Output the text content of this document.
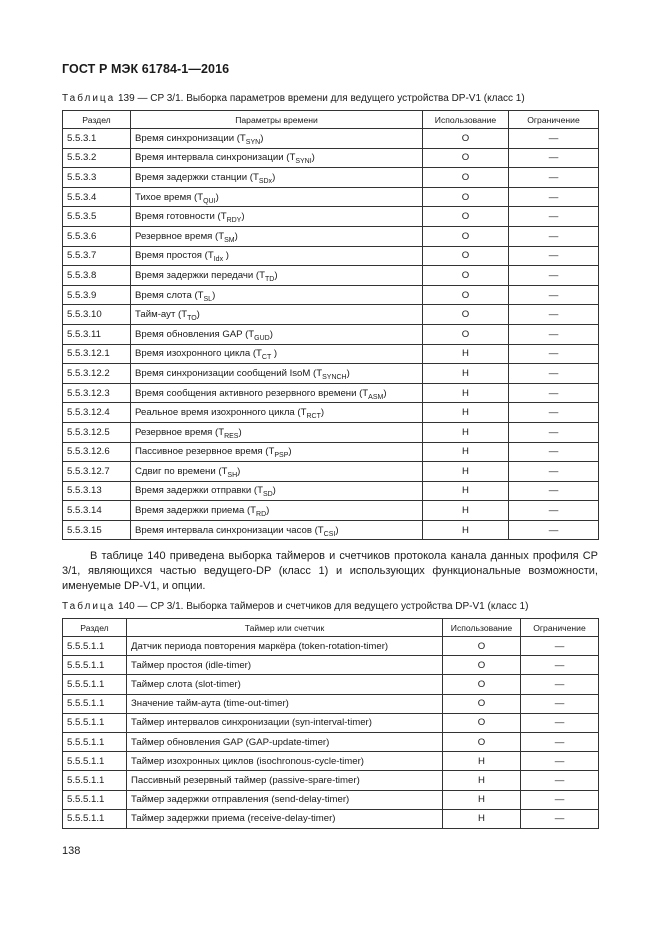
ГОСТ Р МЭК 61784-1—2016
Таблица 139 — CP 3/1. Выборка параметров времени для ведущего устройства DP-V1 (класс 1)
Раздел	Параметры времени	Использование	Ограничение
5.5.3.1	Время синхронизации $(T_{SYN})$	O	—
5.5.3.2	Время интервала синхронизации $(T_{SYNI})$	O	—
5.5.3.3	Время задержки станции $(T_{SDx})$	O	—
5.5.3.4	Тихое время $(T_{QUI})$	O	—
5.5.3.5	Время готовности $(T_{RDY})$	O	—
5.5.3.6	Резервное время $(T_{SM})$	O	—
5.5.3.7	Время простоя ($T_{Idx}$ )	O	—
5.5.3.8	Время задержки передачи $(T_{TD})$	O	—
5.5.3.9	Время слота $(T_{SL})$	O	—
5.5.3.10	Тайм-аут $(T_{TO})$	O	—
5.5.3.11	Время обновления GAP $(T_{GUD})$	O	—
5.5.3.12.1	Время изохронного цикла ($T_{CT}$ )	H	—
5.5.3.12.2	Время синхронизации сообщений IsoM $(T_{SYNCH})$	H	—
5.5.3.12.3	Время сообщения активного резервного времени $(T_{ASM})$	H	—
5.5.3.12.4	Реальное время изохронного цикла $(T_{RCT})$	H	—
5.5.3.12.5	Резервное время $(T_{RES})$	H	—
5.5.3.12.6	Пассивное резервное время $(T_{PSP})$	H	—
5.5.3.12.7	Сдвиг по времени $(T_{SH})$	H	—
5.5.3.13	Время задержки отправки $(T_{SD})$	H	—
5.5.3.14	Время задержки приема $(T_{RD})$	H	—
5.5.3.15	Время интервала синхронизации часов $(T_{CSI})$	H	—
В таблице 140 приведена выборка таймеров и счетчиков протокола канала данных профиля CP 3/1, являющихся частью ведущего-DP (класс 1) и использующих функциональные возможности, именуемые DP-V1, и опции.
Таблица 140 — CP 3/1. Выборка таймеров и счетчиков для ведущего устройства DP-V1 (класс 1)
Раздел	Таймер или счетчик	Использование	Ограничение
5.5.5.1.1	Датчик периода повторения маркёра (token-rotation-timer)	O	—
5.5.5.1.1	Таймер простоя (idle-timer)	O	—
5.5.5.1.1	Таймер слота (slot-timer)	O	—
5.5.5.1.1	Значение тайм-аута (time-out-timer)	O	—
5.5.5.1.1	Таймер интервалов синхронизации (syn-interval-timer)	O	—
5.5.5.1.1	Таймер обновления GAP (GAP-update-timer)	O	—
5.5.5.1.1	Таймер изохронных циклов (isochronous-cycle-timer)	H	—
5.5.5.1.1	Пассивный резервный таймер (passive-spare-timer)	H	—
5.5.5.1.1	Таймер задержки отправления (send-delay-timer)	H	—
5.5.5.1.1	Таймер задержки приема (receive-delay-timer)	H	—
138
